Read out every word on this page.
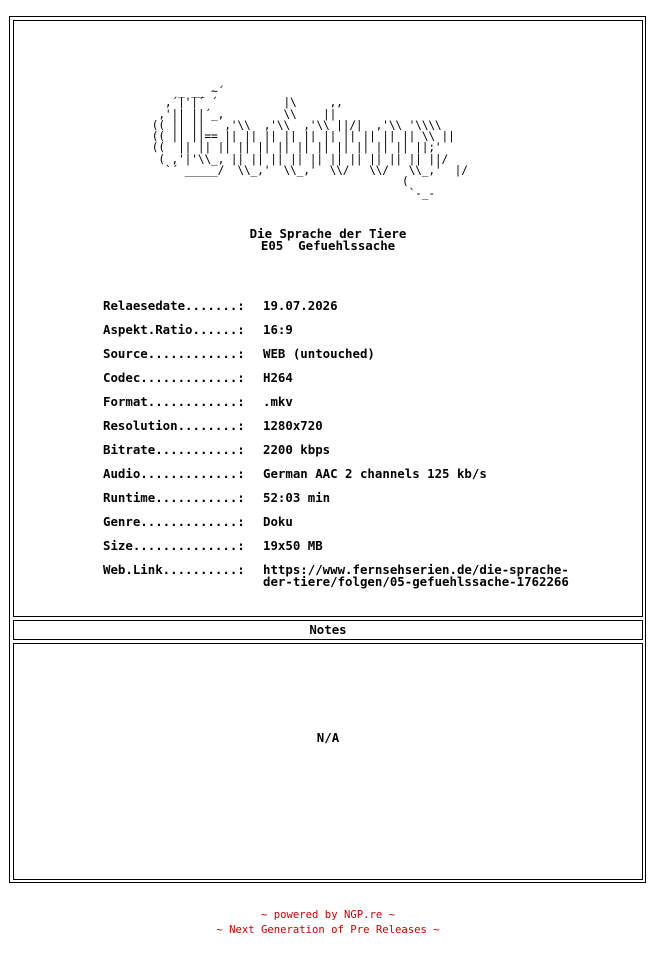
_ __ ~´
,´|'|´ ´          |\     ,,
,'|| ||´_,         \\    ||
(( || ||   ,'\\  ,'\\  ,'\\ ||/|  ,'\\ '\\\\
(( || ||== || || || || || || || || || || \\ ||
((  || || || || || || || || || || || || ||;'
( ,'|'\\_, || || || || || || || || || || ||/
`´ _____/  \\_,'  \\_,'  \\/   \\/   \\_,'  |/
(
`-_-
Die Sprache der Tiere
E05  Gefuehlssache
Relaesedate.......: 19.07.2026
Aspekt.Ratio......: 16:9
Source............: WEB (untouched)
Codec.............: H264
Format............: .mkv
Resolution........: 1280x720
Bitrate...........: 2200 kbps
Audio.............: German AAC 2 channels 125 kb/s
Runtime...........: 52:03 min
Genre.............: Doku
Size..............: 19x50 MB
Web.Link..........: https://www.fernsehserien.de/die-sprache-
der-tiere/folgen/05-gefuehlssache-1762266
Notes
N/A
~ powered by NGP.re ~
~ Next Generation of Pre Releases ~
